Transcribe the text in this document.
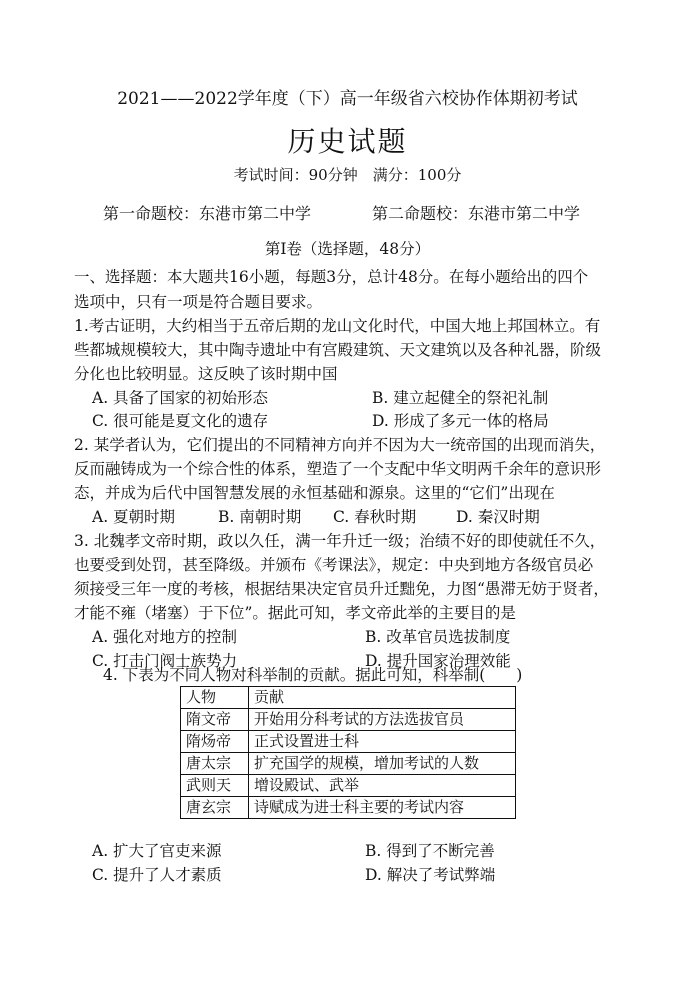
2021——2022学年度（下）高一年级省六校协作体期初考试
历史试题
考试时间：90分钟　满分：100分
第一命题校：东港市第二中学	第二命题校：东港市第二中学
第Ⅰ卷（选择题，48分）
一、选择题：本大题共16小题，每题3分，总计48分。在每小题给出的四个
选项中，只有一项是符合题目要求。
1.考古证明，大约相当于五帝后期的龙山文化时代，中国大地上邦国林立。有
些都城规模较大，其中陶寺遗址中有宫殿建筑、天文建筑以及各种礼器，阶级
分化也比较明显。这反映了该时期中国
A. 具备了国家的初始形态	B. 建立起健全的祭祀礼制
C. 很可能是夏文化的遗存	D. 形成了多元一体的格局
2. 某学者认为，它们提出的不同精神方向并不因为大一统帝国的出现而消失，
反而融铸成为一个综合性的体系，塑造了一个支配中华文明两千余年的意识形
态，并成为后代中国智慧发展的永恒基础和源泉。这里的“它们”出现在
A. 夏朝时期	B. 南朝时期 C. 春秋时期	D. 秦汉时期
3. 北魏孝文帝时期，政以久任，满一年升迁一级；治绩不好的即使就任不久，
也要受到处罚，甚至降级。并颁布《考课法》，规定：中央到地方各级官员必
须接受三年一度的考核，根据结果决定官员升迁黜免，力图“愚滞无妨于贤者，
才能不雍（堵塞）于下位”。据此可知，孝文帝此举的主要目的是
A. 强化对地方的控制	B. 改革官员选拔制度
C. 打击门阀士族势力	D. 提升国家治理效能
4. 下表为不同人物对科举制的贡献。据此可知，科举制(　　)
人物	贡献
隋文帝	开始用分科考试的方法选拔官员
隋炀帝	正式设置进士科
唐太宗	扩充国学的规模，增加考试的人数
武则天	增设殿试、武举
唐玄宗	诗赋成为进士科主要的考试内容
A. 扩大了官吏来源	B. 得到了不断完善
C. 提升了人才素质	D. 解决了考试弊端
